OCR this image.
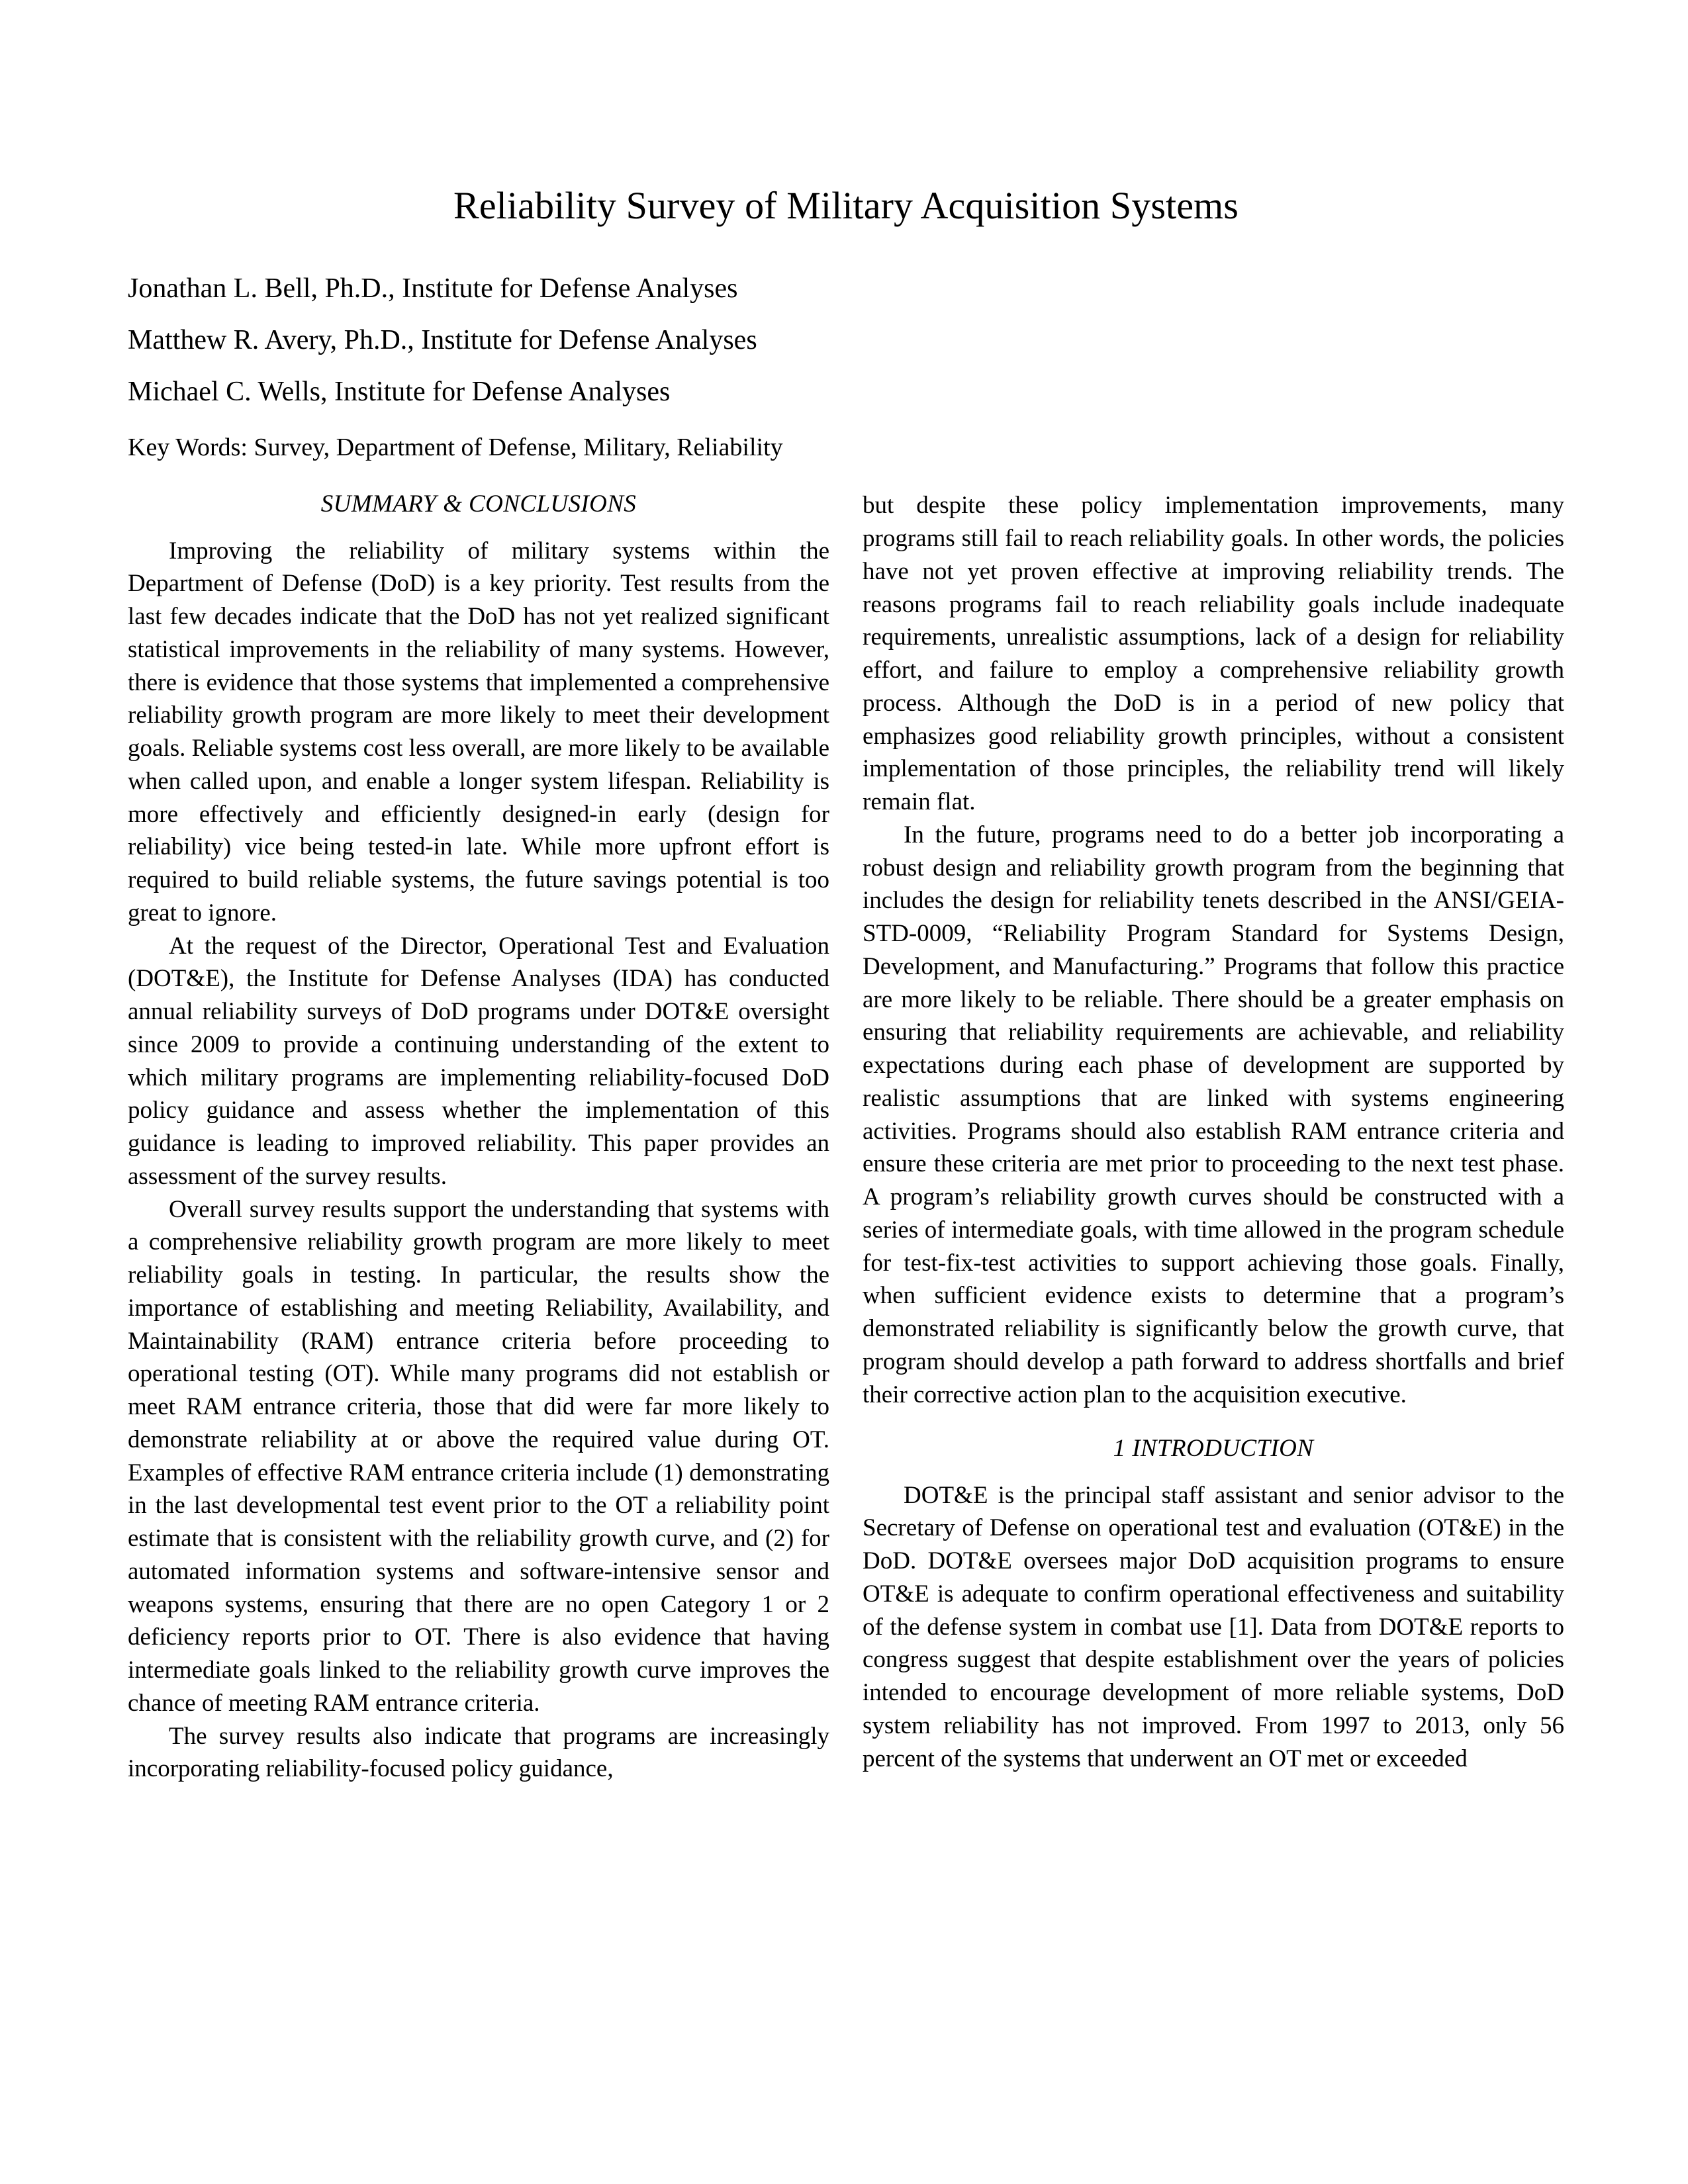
Reliability Survey of Military Acquisition Systems
Jonathan L. Bell, Ph.D., Institute for Defense Analyses
Matthew R. Avery, Ph.D., Institute for Defense Analyses
Michael C. Wells, Institute for Defense Analyses
Key Words: Survey, Department of Defense, Military, Reliability
SUMMARY & CONCLUSIONS

Improving the reliability of military systems within the Department of Defense (DoD) is a key priority. Test results from the last few decades indicate that the DoD has not yet realized significant statistical improvements in the reliability of many systems. However, there is evidence that those systems that implemented a comprehensive reliability growth program are more likely to meet their development goals. Reliable systems cost less overall, are more likely to be available when called upon, and enable a longer system lifespan. Reliability is more effectively and efficiently designed‑in early (design for reliability) vice being tested‑in late. While more upfront effort is required to build reliable systems, the future savings potential is too great to ignore.

At the request of the Director, Operational Test and Evaluation (DOT&E), the Institute for Defense Analyses (IDA) has conducted annual reliability surveys of DoD programs under DOT&E oversight since 2009 to provide a continuing understanding of the extent to which military programs are implementing reliability-focused DoD policy guidance and assess whether the implementation of this guidance is leading to improved reliability. This paper provides an assessment of the survey results.

Overall survey results support the understanding that systems with a comprehensive reliability growth program are more likely to meet reliability goals in testing. In particular, the results show the importance of establishing and meeting Reliability, Availability, and Maintainability (RAM) entrance criteria before proceeding to operational testing (OT). While many programs did not establish or meet RAM entrance criteria, those that did were far more likely to demonstrate reliability at or above the required value during OT. Examples of effective RAM entrance criteria include (1) demonstrating in the last developmental test event prior to the OT a reliability point estimate that is consistent with the reliability growth curve, and (2) for automated information systems and software-intensive sensor and weapons systems, ensuring that there are no open Category 1 or 2 deficiency reports prior to OT. There is also evidence that having intermediate goals linked to the reliability growth curve improves the chance of meeting RAM entrance criteria.

The survey results also indicate that programs are increasingly incorporating reliability-focused policy guidance,

but despite these policy implementation improvements, many programs still fail to reach reliability goals. In other words, the policies have not yet proven effective at improving reliability trends. The reasons programs fail to reach reliability goals include inadequate requirements, unrealistic assumptions, lack of a design for reliability effort, and failure to employ a comprehensive reliability growth process. Although the DoD is in a period of new policy that emphasizes good reliability growth principles, without a consistent implementation of those principles, the reliability trend will likely remain flat.

In the future, programs need to do a better job incorporating a robust design and reliability growth program from the beginning that includes the design for reliability tenets described in the ANSI/GEIA-STD-0009, “Reliability Program Standard for Systems Design, Development, and Manufacturing.” Programs that follow this practice are more likely to be reliable. There should be a greater emphasis on ensuring that reliability requirements are achievable, and reliability expectations during each phase of development are supported by realistic assumptions that are linked with systems engineering activities. Programs should also establish RAM entrance criteria and ensure these criteria are met prior to proceeding to the next test phase. A program’s reliability growth curves should be constructed with a series of intermediate goals, with time allowed in the program schedule for test-fix-test activities to support achieving those goals. Finally, when sufficient evidence exists to determine that a program’s demonstrated reliability is significantly below the growth curve, that program should develop a path forward to address shortfalls and brief their corrective action plan to the acquisition executive.

1 INTRODUCTION

DOT&E is the principal staff assistant and senior advisor to the Secretary of Defense on operational test and evaluation (OT&E) in the DoD. DOT&E oversees major DoD acquisition programs to ensure OT&E is adequate to confirm operational effectiveness and suitability of the defense system in combat use [1]. Data from DOT&E reports to congress suggest that despite establishment over the years of policies intended to encourage development of more reliable systems, DoD system reliability has not improved. From 1997 to 2013, only 56 percent of the systems that underwent an OT met or exceeded
